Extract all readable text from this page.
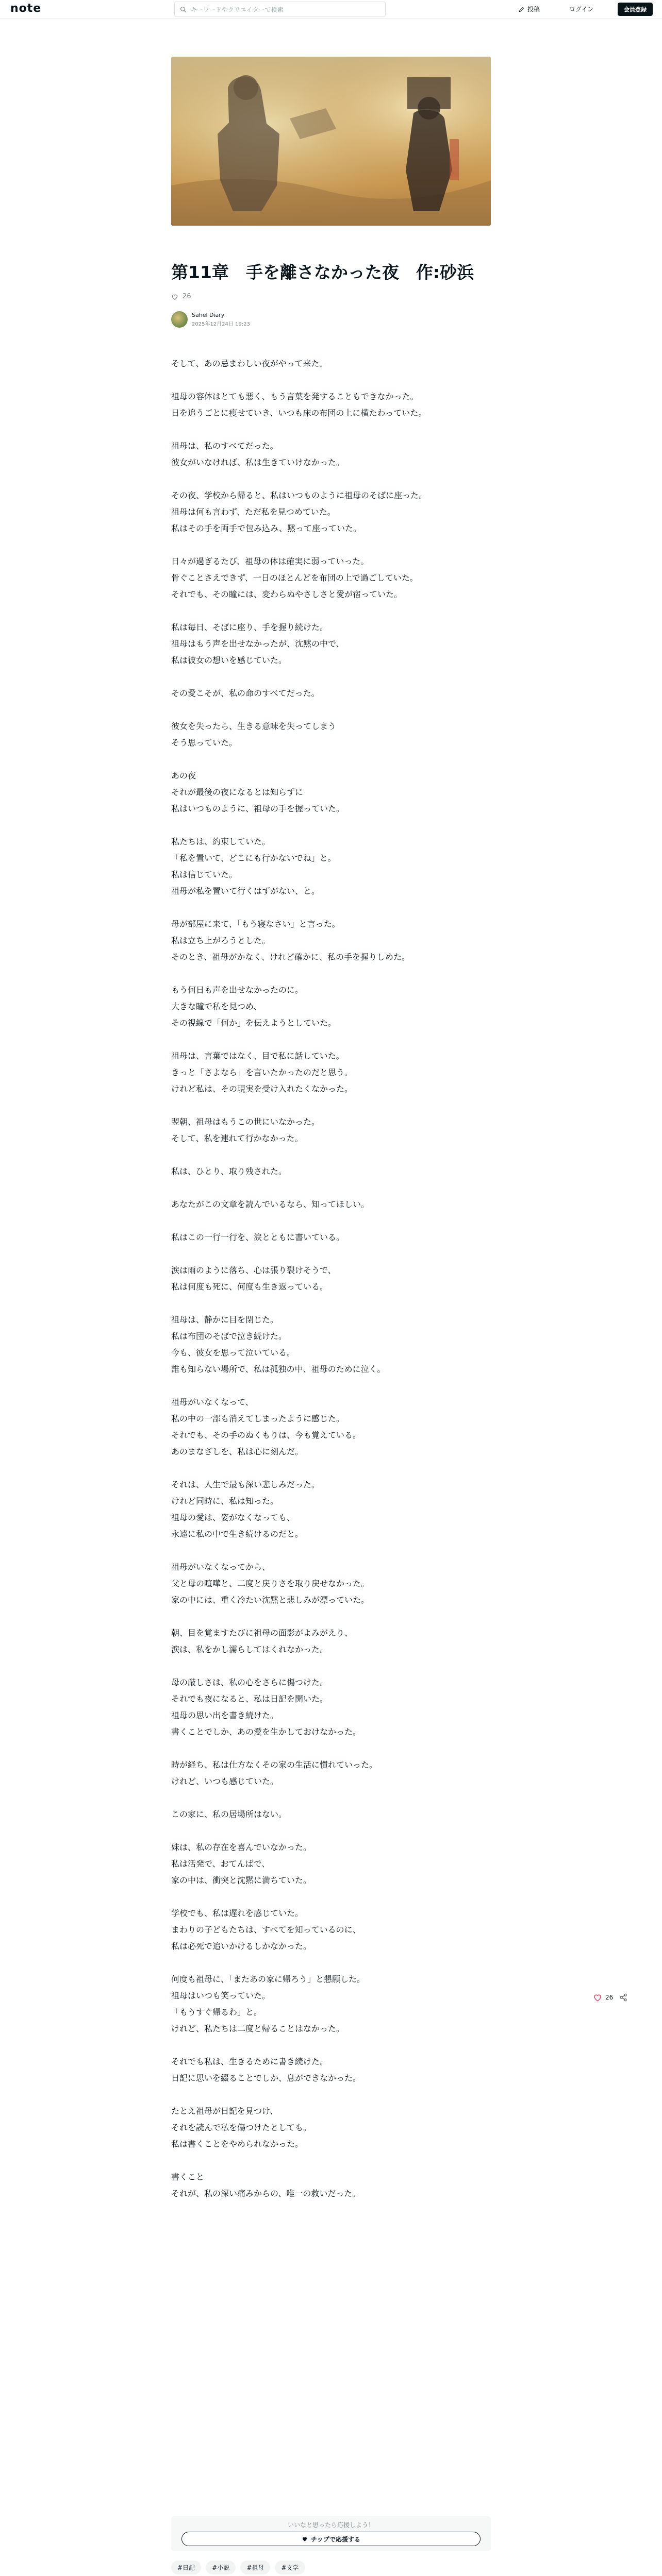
note	キーワードやクリエイターで検索	投稿	ログイン	会員登録
第11章　手を離さなかった夜　作:砂浜
26
Sahel Diary
2025年12月24日 19:23

そして、あの忌まわしい夜がやって来た。

祖母の容体はとても悪く、もう言葉を発することもできなかった。

日を追うごとに瘦せていき、いつも床の布団の上に横たわっていた。

祖母は、私のすべてだった。

彼女がいなければ、私は生きていけなかった。

その夜、学校から帰ると、私はいつものように祖母のそばに座った。

祖母は何も言わず、ただ私を見つめていた。

私はその手を両手で包み込み、黙って座っていた。

日々が過ぎるたび、祖母の体は確実に弱っていった。

骨ぐことさえできず、一日のほとんどを布団の上で過ごしていた。

それでも、その瞳には、変わらぬやさしさと愛が宿っていた。

私は毎日、そばに座り、手を握り続けた。

祖母はもう声を出せなかったが、沈黙の中で、

私は彼女の想いを感じていた。

その愛こそが、私の命のすべてだった。

彼女を失ったら、生きる意味を失ってしまう

そう思っていた。

あの夜

それが最後の夜になるとは知らずに

私はいつものように、祖母の手を握っていた。

私たちは、約束していた。

「私を置いて、どこにも行かないでね」と。

私は信じていた。

祖母が私を置いて行くはずがない、と。

母が部屋に来て、「もう寝なさい」と言った。

私は立ち上がろうとした。

そのとき、祖母がかなく、けれど確かに、私の手を握りしめた。

もう何日も声を出せなかったのに。

大きな瞳で私を見つめ、

その視線で「何か」を伝えようとしていた。

祖母は、言葉ではなく、目で私に話していた。

きっと「さよなら」を言いたかったのだと思う。

けれど私は、その現実を受け入れたくなかった。

翌朝、祖母はもうこの世にいなかった。

そして、私を連れて行かなかった。

私は、ひとり、取り残された。

あなたがこの文章を読んでいるなら、知ってほしい。

私はこの一行一行を、涙とともに書いている。

涙は雨のように落ち、心は張り裂けそうで、

私は何度も死に、何度も生き返っている。

祖母は、静かに目を閉じた。

私は布団のそばで泣き続けた。

今も、彼女を思って泣いている。

誰も知らない場所で、私は孤独の中、祖母のために泣く。

祖母がいなくなって、

私の中の一部も消えてしまったように感じた。

それでも、その手のぬくもりは、今も覚えている。

あのまなざしを、私は心に刻んだ。

それは、人生で最も深い悲しみだった。

けれど同時に、私は知った。

祖母の愛は、姿がなくなっても、

永遠に私の中で生き続けるのだと。

祖母がいなくなってから、

父と母の喧嘩と、二度と戻りさを取り戻せなかった。

家の中には、重く冷たい沈黙と悲しみが漂っていた。

朝、目を覚ますたびに祖母の面影がよみがえり、

涙は、私をかし濡らしてはくれなかった。

母の厳しさは、私の心をさらに傷つけた。

それでも夜になると、私は日記を開いた。

祖母の思い出を書き続けた。

書くことでしか、あの愛を生かしておけなかった。

時が経ち、私は仕方なくその家の生活に慣れていった。

けれど、いつも感じていた。

この家に、私の居場所はない。

妹は、私の存在を喜んでいなかった。

私は活発で、おてんばで、

家の中は、衝突と沈黙に満ちていた。

学校でも、私は遅れを感じていた。

まわりの子どもたちは、すべてを知っているのに、

私は必死で追いかけるしかなかった。

何度も祖母に、「またあの家に帰ろう」と懇願した。

祖母はいつも笑っていた。

「もうすぐ帰るわ」と。

けれど、私たちは二度と帰ることはなかった。

それでも私は、生きるために書き続けた。

日記に思いを綴ることでしか、息ができなかった。

たとえ祖母が日記を見つけ、

それを読んで私を傷つけたとしても。

私は書くことをやめられなかった。

書くこと

それが、私の深い痛みからの、唯一の救いだった。

26
いいなと思ったら応援しよう！
チップで応援する
#日記	#小説	#祖母	#文学
